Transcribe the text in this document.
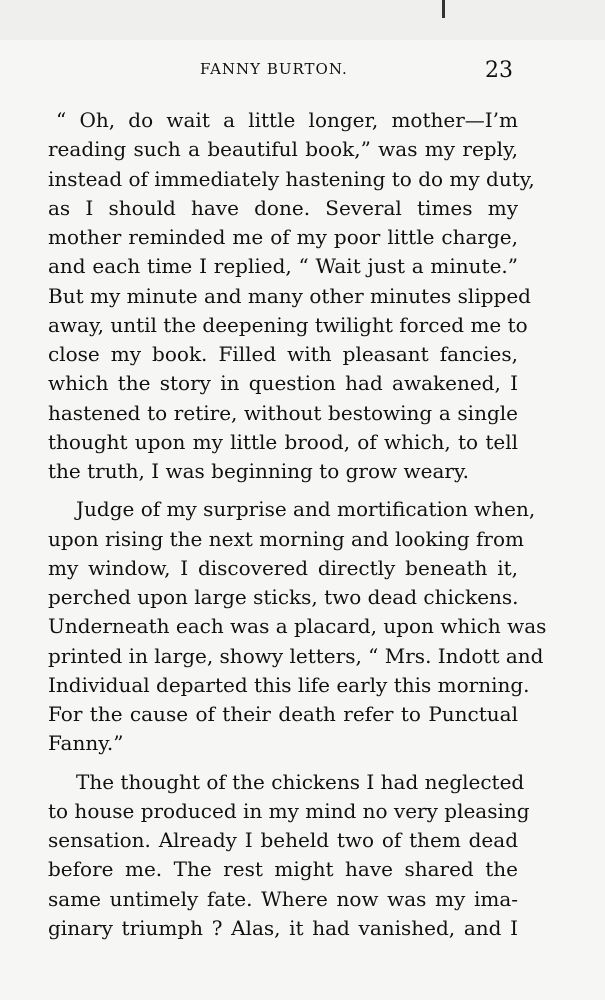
FANNY BURTON.	23
“ Oh, do wait a little longer, mother—I’m
reading such a beautiful book,” was my reply,
instead of immediately hastening to do my duty,
as I should have done. Several times my
mother reminded me of my poor little charge,
and each time I replied, “ Wait just a minute.”
But my minute and many other minutes slipped
away, until the deepening twilight forced me to
close my book. Filled with pleasant fancies,
which the story in question had awakened, I
hastened to retire, without bestowing a single
thought upon my little brood, of which, to tell
the truth, I was beginning to grow weary.
Judge of my surprise and mortification when,
upon rising the next morning and looking from
my window, I discovered directly beneath it,
perched upon large sticks, two dead chickens.
Underneath each was a placard, upon which was
printed in large, showy letters, “ Mrs. Indott and
Individual departed this life early this morning.
For the cause of their death refer to Punctual
Fanny.”
The thought of the chickens I had neglected
to house produced in my mind no very pleasing
sensation. Already I beheld two of them dead
before me. The rest might have shared the
same untimely fate. Where now was my ima-
ginary triumph ? Alas, it had vanished, and I
